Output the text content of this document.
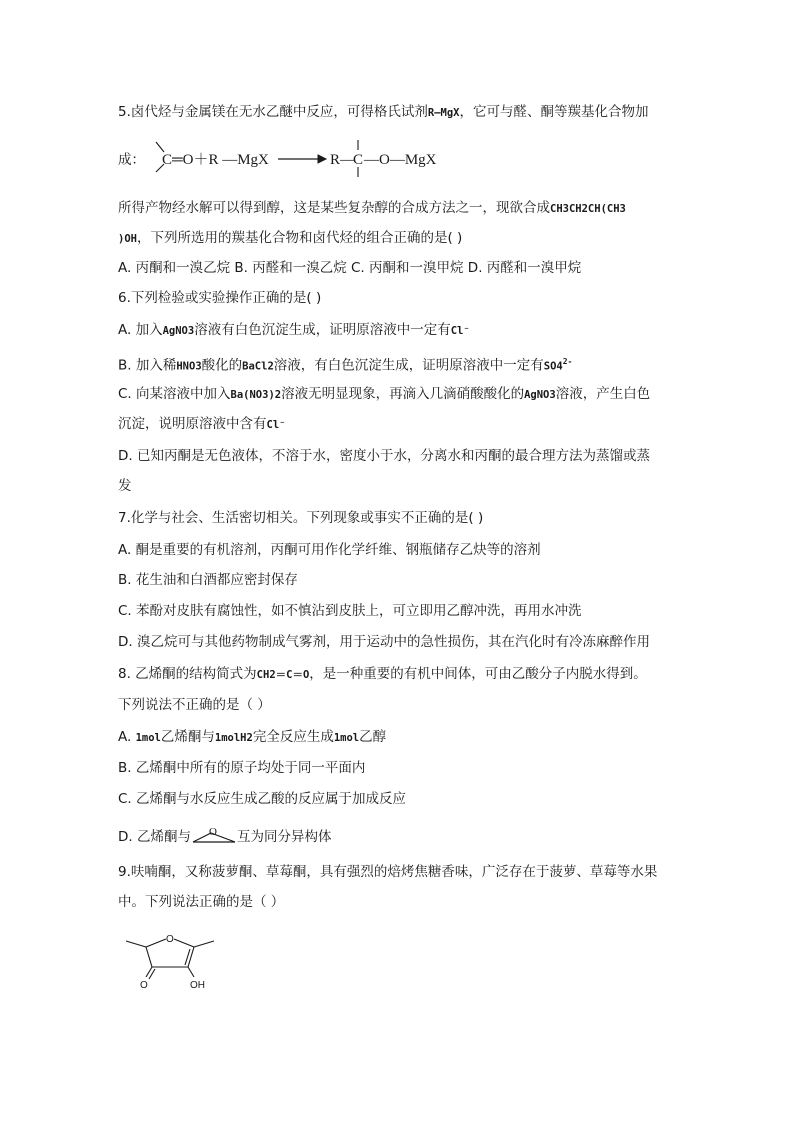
5.卤代烃与金属镁在无水乙醚中反应，可得格氏试剂R–MgX，它可与醛、酮等羰基化合物加
成： C═O＋R —MgX	R—
C —O—MgX
所得产物经水解可以得到醇，这是某些复杂醇的合成方法之一，现欲合成CH3CH2CH(CH3
)OH，下列所选用的羰基化合物和卤代烃的组合正确的是( )
A. 丙酮和一溴乙烷 B. 丙醛和一溴乙烷 C. 丙酮和一溴甲烷 D. 丙醛和一溴甲烷
6.下列检验或实验操作正确的是( )
A. 加入AgNO3溶液有白色沉淀生成，证明原溶液中一定有Cl⁻
B. 加入稀HNO3酸化的BaCl2溶液，有白色沉淀生成，证明原溶液中一定有$SO4^{2-}$
C. 向某溶液中加入Ba(NO3)2溶液无明显现象，再滴入几滴硝酸酸化的AgNO3溶液，产生白色
沉淀，说明原溶液中含有Cl⁻
D. 已知丙酮是无色液体，不溶于水，密度小于水，分离水和丙酮的最合理方法为蒸馏或蒸
发
7.化学与社会、生活密切相关。下列现象或事实不正确的是( )
A. 酮是重要的有机溶剂，丙酮可用作化学纤维、钢瓶储存乙炔等的溶剂
B. 花生油和白酒都应密封保存
C. 苯酚对皮肤有腐蚀性，如不慎沾到皮肤上，可立即用乙醇冲洗，再用水冲洗
D. 溴乙烷可与其他药物制成气雾剂，用于运动中的急性损伤，其在汽化时有冷冻麻醉作用
8. 乙烯酮的结构简式为CH2＝C＝O，是一种重要的有机中间体，可由乙酸分子内脱水得到。
下列说法不正确的是（ ）
A. 1mol乙烯酮与1molH2完全反应生成1mol乙醇
B. 乙烯酮中所有的原子均处于同一平面内
C. 乙烯酮与水反应生成乙酸的反应属于加成反应
D. 乙烯酮与 O 互为同分异构体
9.呋喃酮，又称菠萝酮、草莓酮，具有强烈的焙烤焦糖香味，广泛存在于菠萝、草莓等水果
中。下列说法正确的是（ ）
O
O	OH
